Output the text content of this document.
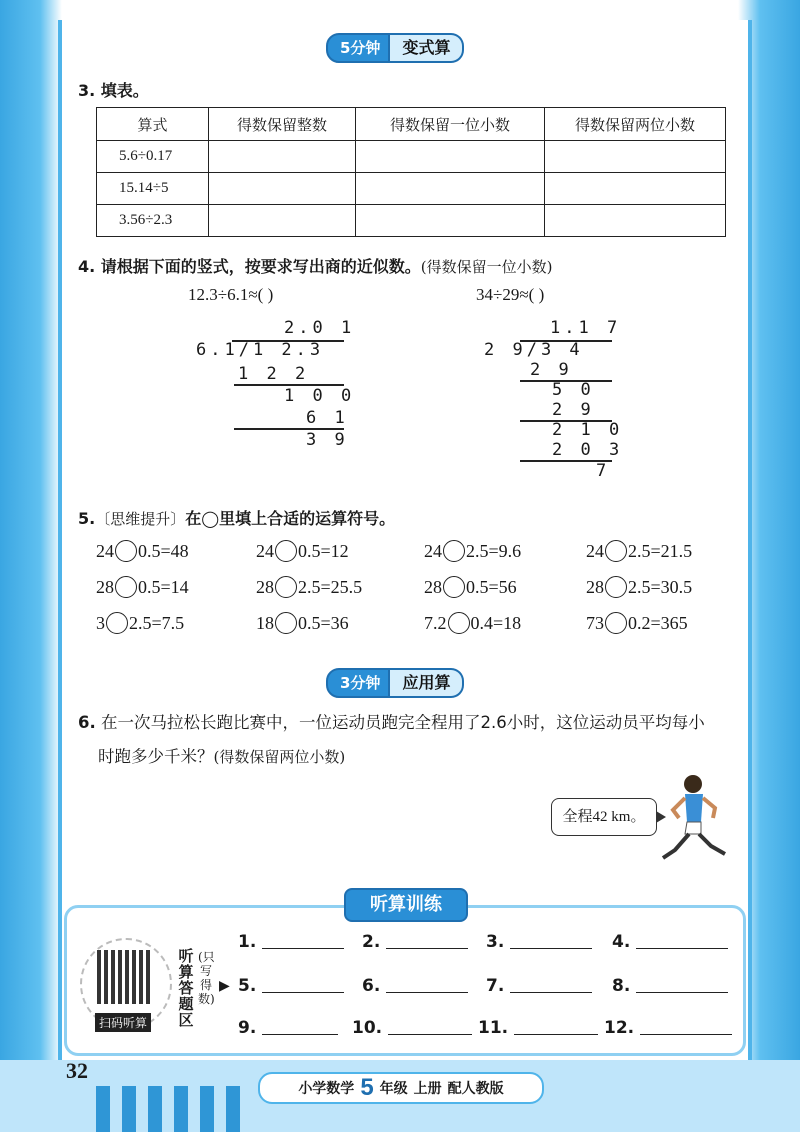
5分钟	变式算
3. 填表。
算式	得数保留整数	得数保留一位小数	得数保留两位小数
5.6÷0.17			
15.14÷5			
3.56÷2.3			
4. 请根据下面的竖式，按要求写出商的近似数。(得数保留一位小数)
12.3÷6.1≈( )	34÷29≈( )
2.0 1
6.1/1 2.3
1 2 2
1 0 0
6 1
3 9
1.1 7
2 9/3 4
2 9
5 0
2 9
2 1 0
2 0 3
7
5.〔思维提升〕在◯里填上合适的运算符号。
24 0.5=48	24 0.5=12	24 2.5=9.6	24 2.5=21.5
28 0.5=14	28 2.5=25.5	28 0.5=56	28 2.5=30.5
3 2.5=7.5	18 0.5=36	7.2 0.4=18	73 0.2=365
3分钟	应用算
6. 在一次马拉松长跑比赛中，一位运动员跑完全程用了2.6小时，这位运动员平均每小
时跑多少千米？(得数保留两位小数)
全程42 km。
听算训练
扫码听算
听算答题区
(只写得数)
▶
1.	2.	3.	4.
5.	6.	7.	8.
9.	10.	11.	12.
32
小学数学 5 年级 上册 配人教版
